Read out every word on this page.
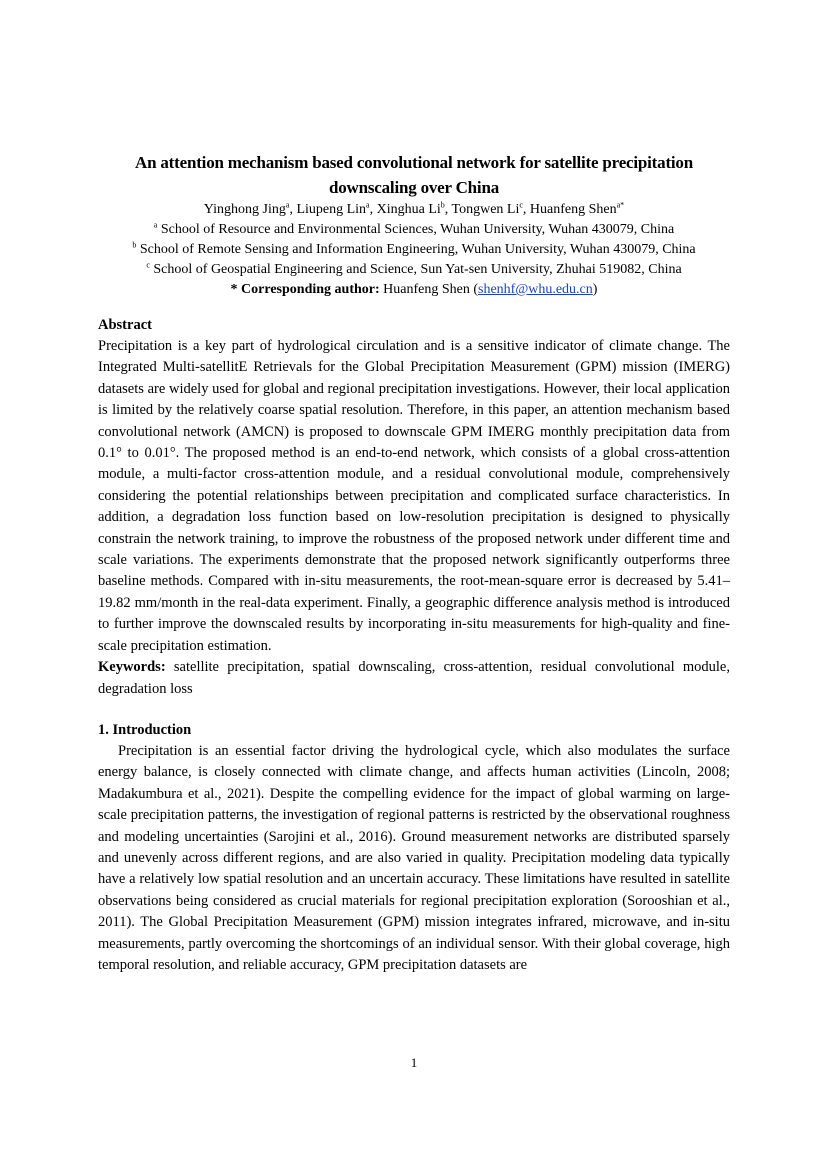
An attention mechanism based convolutional network for satellite precipitation
downscaling over China
Yinghong Jing$^a$, Liupeng Lin$^a$, Xinghua Li$^b$, Tongwen Li$^c$, Huanfeng Shen$^{a*}$
$^a$ School of Resource and Environmental Sciences, Wuhan University, Wuhan 430079, China
$^b$ School of Remote Sensing and Information Engineering, Wuhan University, Wuhan 430079, China
$^c$ School of Geospatial Engineering and Science, Sun Yat-sen University, Zhuhai 519082, China
* Corresponding author: Huanfeng Shen (shenhf@whu.edu.cn)
Abstract
Precipitation is a key part of hydrological circulation and is a sensitive indicator of climate change. The Integrated Multi-satellitE Retrievals for the Global Precipitation Measurement (GPM) mission (IMERG) datasets are widely used for global and regional precipitation investigations. However, their local application is limited by the relatively coarse spatial resolution. Therefore, in this paper, an attention mechanism based convolutional network (AMCN) is proposed to downscale GPM IMERG monthly precipitation data from 0.1° to 0.01°. The proposed method is an end-to-end network, which consists of a global cross-attention module, a multi-factor cross-attention module, and a residual convolutional module, comprehensively considering the potential relationships between precipitation and complicated surface characteristics. In addition, a degradation loss function based on low-resolution precipitation is designed to physically constrain the network training, to improve the robustness of the proposed network under different time and scale variations. The experiments demonstrate that the proposed network significantly outperforms three baseline methods. Compared with in-situ measurements, the root-mean-square error is decreased by 5.41–19.82 mm/month in the real-data experiment. Finally, a geographic difference analysis method is introduced to further improve the downscaled results by incorporating in-situ measurements for high-quality and fine-scale precipitation estimation.
Keywords: satellite precipitation, spatial downscaling, cross-attention, residual convolutional module, degradation loss
1. Introduction
Precipitation is an essential factor driving the hydrological cycle, which also modulates the surface energy balance, is closely connected with climate change, and affects human activities (Lincoln, 2008; Madakumbura et al., 2021). Despite the compelling evidence for the impact of global warming on large-scale precipitation patterns, the investigation of regional patterns is restricted by the observational roughness and modeling uncertainties (Sarojini et al., 2016). Ground measurement networks are distributed sparsely and unevenly across different regions, and are also varied in quality. Precipitation modeling data typically have a relatively low spatial resolution and an uncertain accuracy. These limitations have resulted in satellite observations being considered as crucial materials for regional precipitation exploration (Sorooshian et al., 2011). The Global Precipitation Measurement (GPM) mission integrates infrared, microwave, and in-situ measurements, partly overcoming the shortcomings of an individual sensor. With their global coverage, high temporal resolution, and reliable accuracy, GPM precipitation datasets are
1
